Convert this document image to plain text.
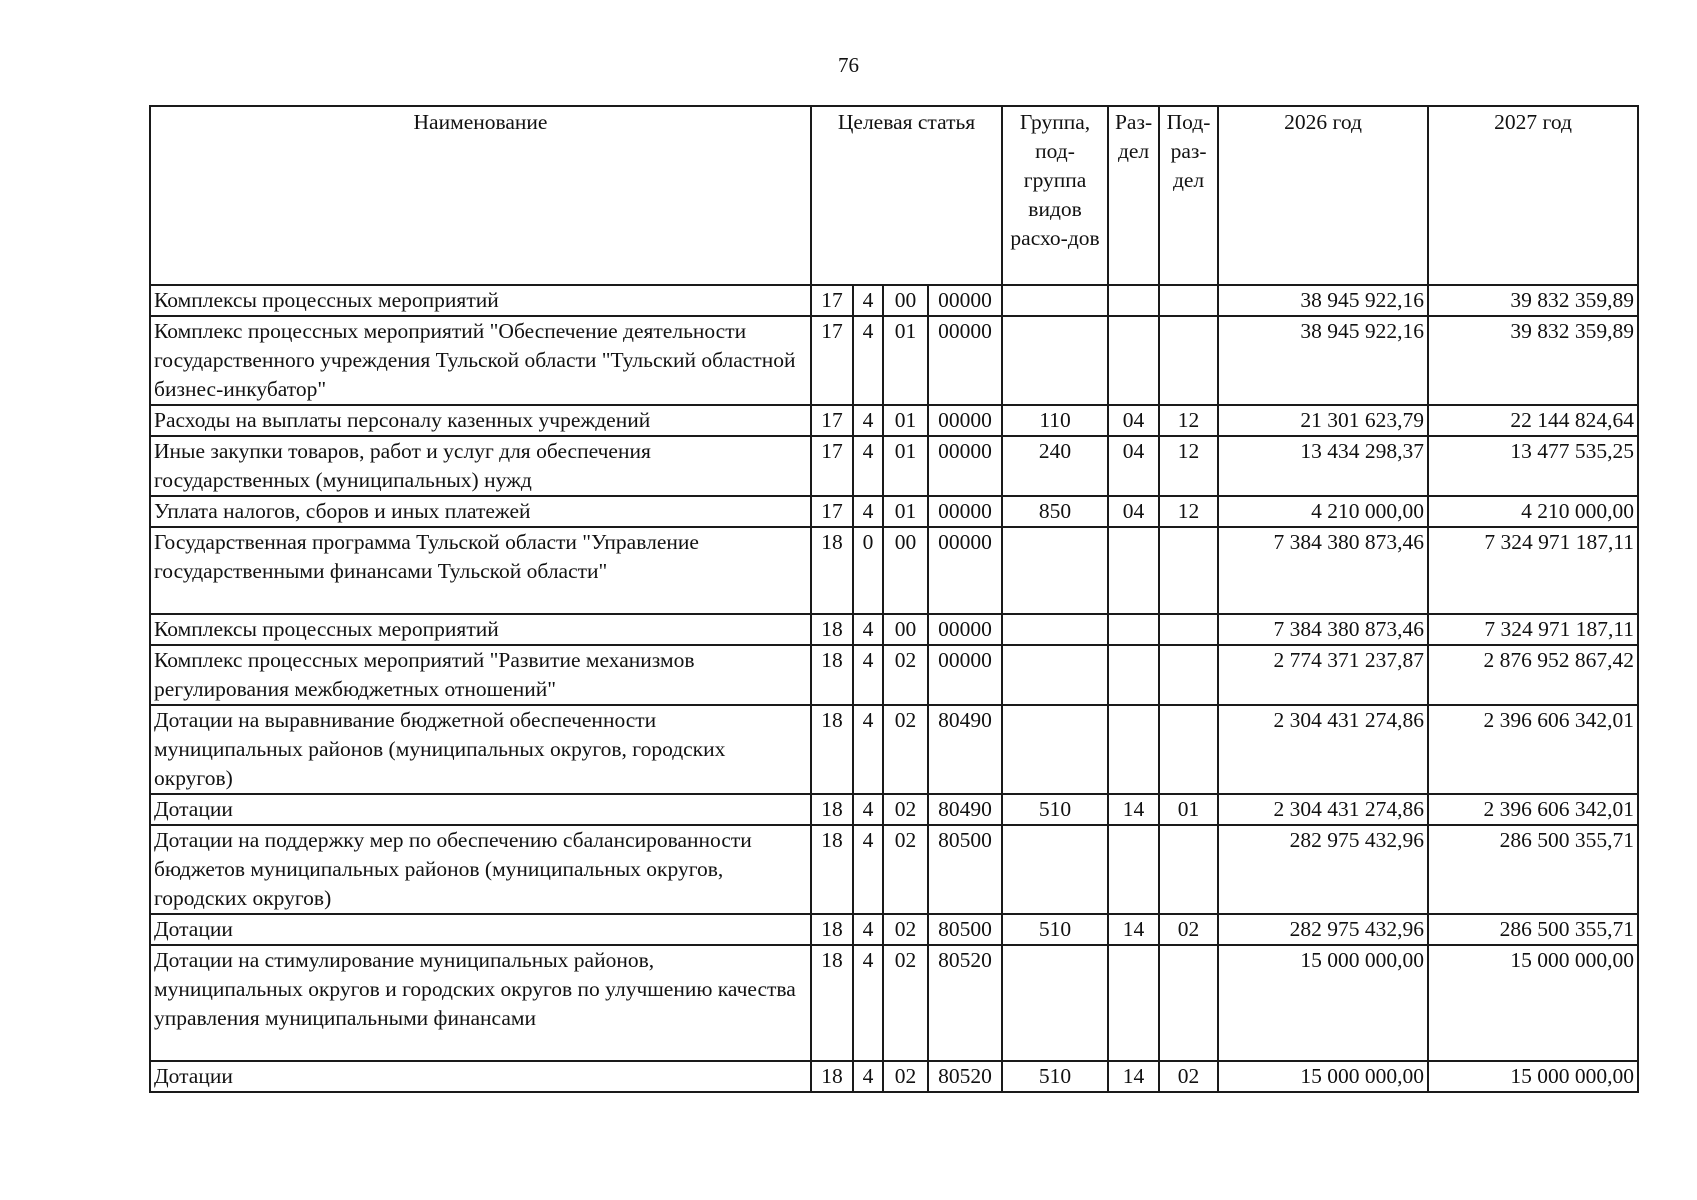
76
Наименование	Целевая статья				Группа, под-группа видов расхо-дов	Раз-дел	Под-раз-дел	2026 год	2027 год
Комплексы процессных мероприятий	17	4	00	00000				38 945 922,16	39 832 359,89
Комплекс процессных мероприятий "Обеспечение деятельности государственного учреждения Тульской области "Тульский областной бизнес-инкубатор"	17	4	01	00000				38 945 922,16	39 832 359,89
Расходы на выплаты персоналу казенных учреждений	17	4	01	00000	110	04	12	21 301 623,79	22 144 824,64
Иные закупки товаров, работ и услуг для обеспечения государственных (муниципальных) нужд	17	4	01	00000	240	04	12	13 434 298,37	13 477 535,25
Уплата налогов, сборов и иных платежей	17	4	01	00000	850	04	12	4 210 000,00	4 210 000,00
Государственная программа Тульской области "Управление государственными финансами Тульской области"	18	0	00	00000				7 384 380 873,46	7 324 971 187,11
Комплексы процессных мероприятий	18	4	00	00000				7 384 380 873,46	7 324 971 187,11
Комплекс процессных мероприятий "Развитие механизмов регулирования межбюджетных отношений"	18	4	02	00000				2 774 371 237,87	2 876 952 867,42
Дотации на выравнивание бюджетной обеспеченности муниципальных районов (муниципальных округов, городских округов)	18	4	02	80490				2 304 431 274,86	2 396 606 342,01
Дотации	18	4	02	80490	510	14	01	2 304 431 274,86	2 396 606 342,01
Дотации на поддержку мер по обеспечению сбалансированности бюджетов муниципальных районов (муниципальных округов, городских округов)	18	4	02	80500				282 975 432,96	286 500 355,71
Дотации	18	4	02	80500	510	14	02	282 975 432,96	286 500 355,71
Дотации на стимулирование муниципальных районов, муниципальных округов и городских округов по улучшению качества управления муниципальными финансами	18	4	02	80520				15 000 000,00	15 000 000,00
Дотации	18	4	02	80520	510	14	02	15 000 000,00	15 000 000,00
